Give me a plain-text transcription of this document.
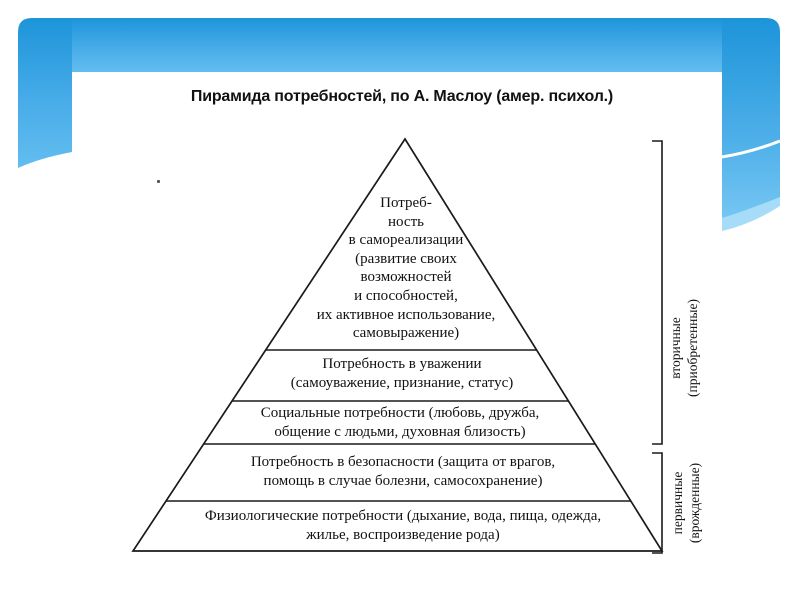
Пирамида потребностей, по А. Маслоу (амер. психол.)
Потреб-
ность
в самореализации
(развитие своих
возможностей
и способностей,
их активное использование,
самовыражение)
Потребность в уважении
(самоуважение, признание, статус)
Социальные потребности (любовь, дружба,
общение с людьми, духовная близость)
Потребность в безопасности (защита от врагов,
помощь в случае болезни, самосохранение)
Физиологические потребности (дыхание, вода, пища, одежда,
жилье, воспроизведение рода)
вторичные (приобретенные)
первичные (врожденные)
